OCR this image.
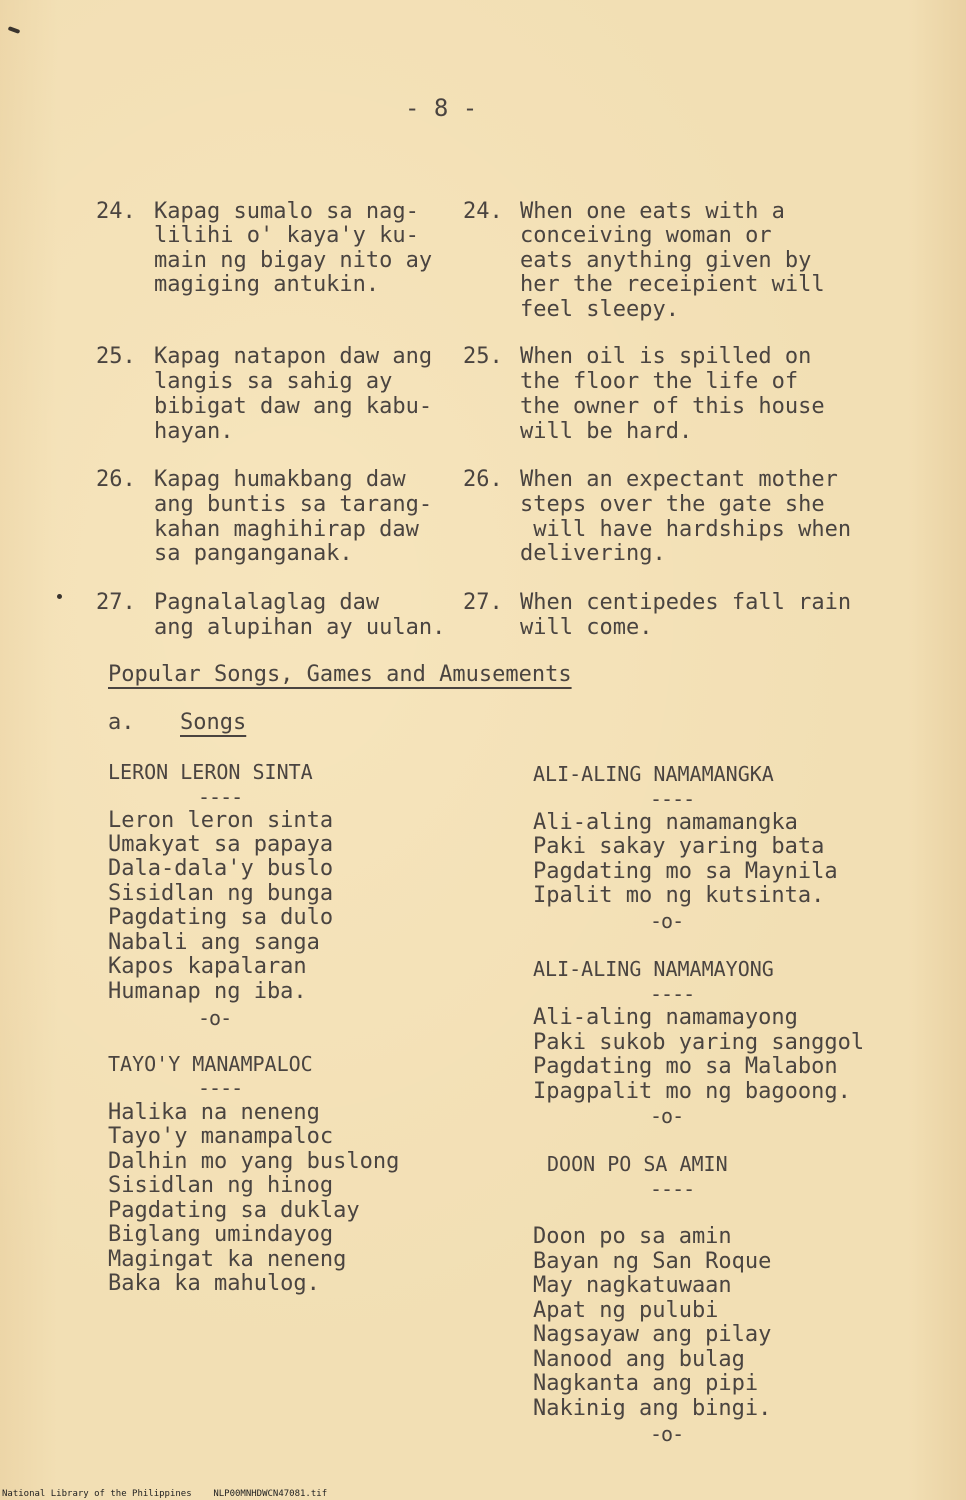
- 8 -
24. Kapag sumalo sa nag-
lilihi o' kaya'y ku-
main ng bigay nito ay
magiging antukin.
24. When one eats with a
conceiving woman or
eats anything given by
her the receipient will
feel sleepy.
25. Kapag natapon daw ang
langis sa sahig ay
bibigat daw ang kabu-
hayan.
25. When oil is spilled on
the floor the life of
the owner of this house
will be hard.
26. Kapag humakbang daw
ang buntis sa tarang-
kahan maghihirap daw
sa panganganak.
26. When an expectant mother
steps over the gate she
will have hardships when
delivering.
27. Pagnalalaglag daw
ang alupihan ay uulan.
27. When centipedes fall rain
will come.
Popular Songs, Games and Amusements
a. Songs
LERON LERON SINTA
----
Leron leron sinta
Umakyat sa papaya
Dala-dala'y buslo
Sisidlan ng bunga
Pagdating sa dulo
Nabali ang sanga
Kapos kapalaran
Humanap ng iba.
-o-
TAYO'Y MANAMPALOC
----
Halika na neneng
Tayo'y manampaloc
Dalhin mo yang buslong
Sisidlan ng hinog
Pagdating sa duklay
Biglang umindayog
Magingat ka neneng
Baka ka mahulog.
ALI-ALING NAMAMANGKA
----
Ali-aling namamangka
Paki sakay yaring bata
Pagdating mo sa Maynila
Ipalit mo ng kutsinta.
-o-
ALI-ALING NAMAMAYONG
----
Ali-aling namamayong
Paki sukob yaring sanggol
Pagdating mo sa Malabon
Ipagpalit mo ng bagoong.
-o-
DOON PO SA AMIN
----
Doon po sa amin
Bayan ng San Roque
May nagkatuwaan
Apat ng pulubi
Nagsayaw ang pilay
Nanood ang bulag
Nagkanta ang pipi
Nakinig ang bingi.
-o-
National Library of the Philippines    NLP00MNHDWCN47081.tif
